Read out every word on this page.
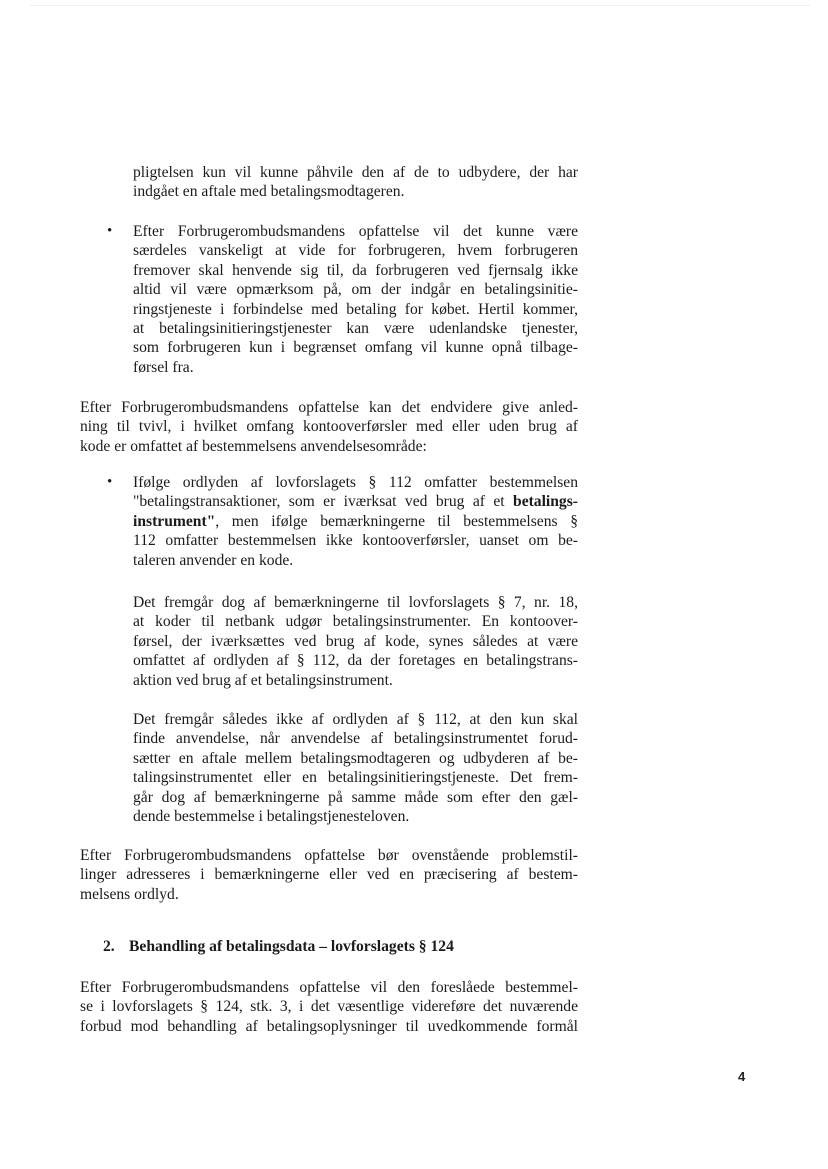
pligtelsen kun vil kunne påhvile den af de to udbydere, der har
indgået en aftale med betalingsmodtageren.
• Efter Forbrugerombudsmandens opfattelse vil det kunne være
særdeles vanskeligt at vide for forbrugeren, hvem forbrugeren
fremover skal henvende sig til, da forbrugeren ved fjernsalg ikke
altid vil være opmærksom på, om der indgår en betalingsinitie-
ringstjeneste i forbindelse med betaling for købet. Hertil kommer,
at betalingsinitieringstjenester kan være udenlandske tjenester,
som forbrugeren kun i begrænset omfang vil kunne opnå tilbage-
førsel fra.
Efter Forbrugerombudsmandens opfattelse kan det endvidere give anled-
ning til tvivl, i hvilket omfang kontooverførsler med eller uden brug af
kode er omfattet af bestemmelsens anvendelsesområde:
• Ifølge ordlyden af lovforslagets § 112 omfatter bestemmelsen
"betalingstransaktioner, som er iværksat ved brug af et betalings-
instrument", men ifølge bemærkningerne til bestemmelsens §
112 omfatter bestemmelsen ikke kontooverførsler, uanset om be-
taleren anvender en kode.
Det fremgår dog af bemærkningerne til lovforslagets § 7, nr. 18,
at koder til netbank udgør betalingsinstrumenter. En kontoover-
førsel, der iværksættes ved brug af kode, synes således at være
omfattet af ordlyden af § 112, da der foretages en betalingstrans-
aktion ved brug af et betalingsinstrument.
Det fremgår således ikke af ordlyden af § 112, at den kun skal
finde anvendelse, når anvendelse af betalingsinstrumentet forud-
sætter en aftale mellem betalingsmodtageren og udbyderen af be-
talingsinstrumentet eller en betalingsinitieringstjeneste. Det frem-
går dog af bemærkningerne på samme måde som efter den gæl-
dende bestemmelse i betalingstjenesteloven.
Efter Forbrugerombudsmandens opfattelse bør ovenstående problemstil-
linger adresseres i bemærkningerne eller ved en præcisering af bestem-
melsens ordlyd.
2. Behandling af betalingsdata – lovforslagets § 124
Efter Forbrugerombudsmandens opfattelse vil den foreslåede bestemmel-
se i lovforslagets § 124, stk. 3, i det væsentlige videreføre det nuværende
forbud mod behandling af betalingsoplysninger til uvedkommende formål
4
